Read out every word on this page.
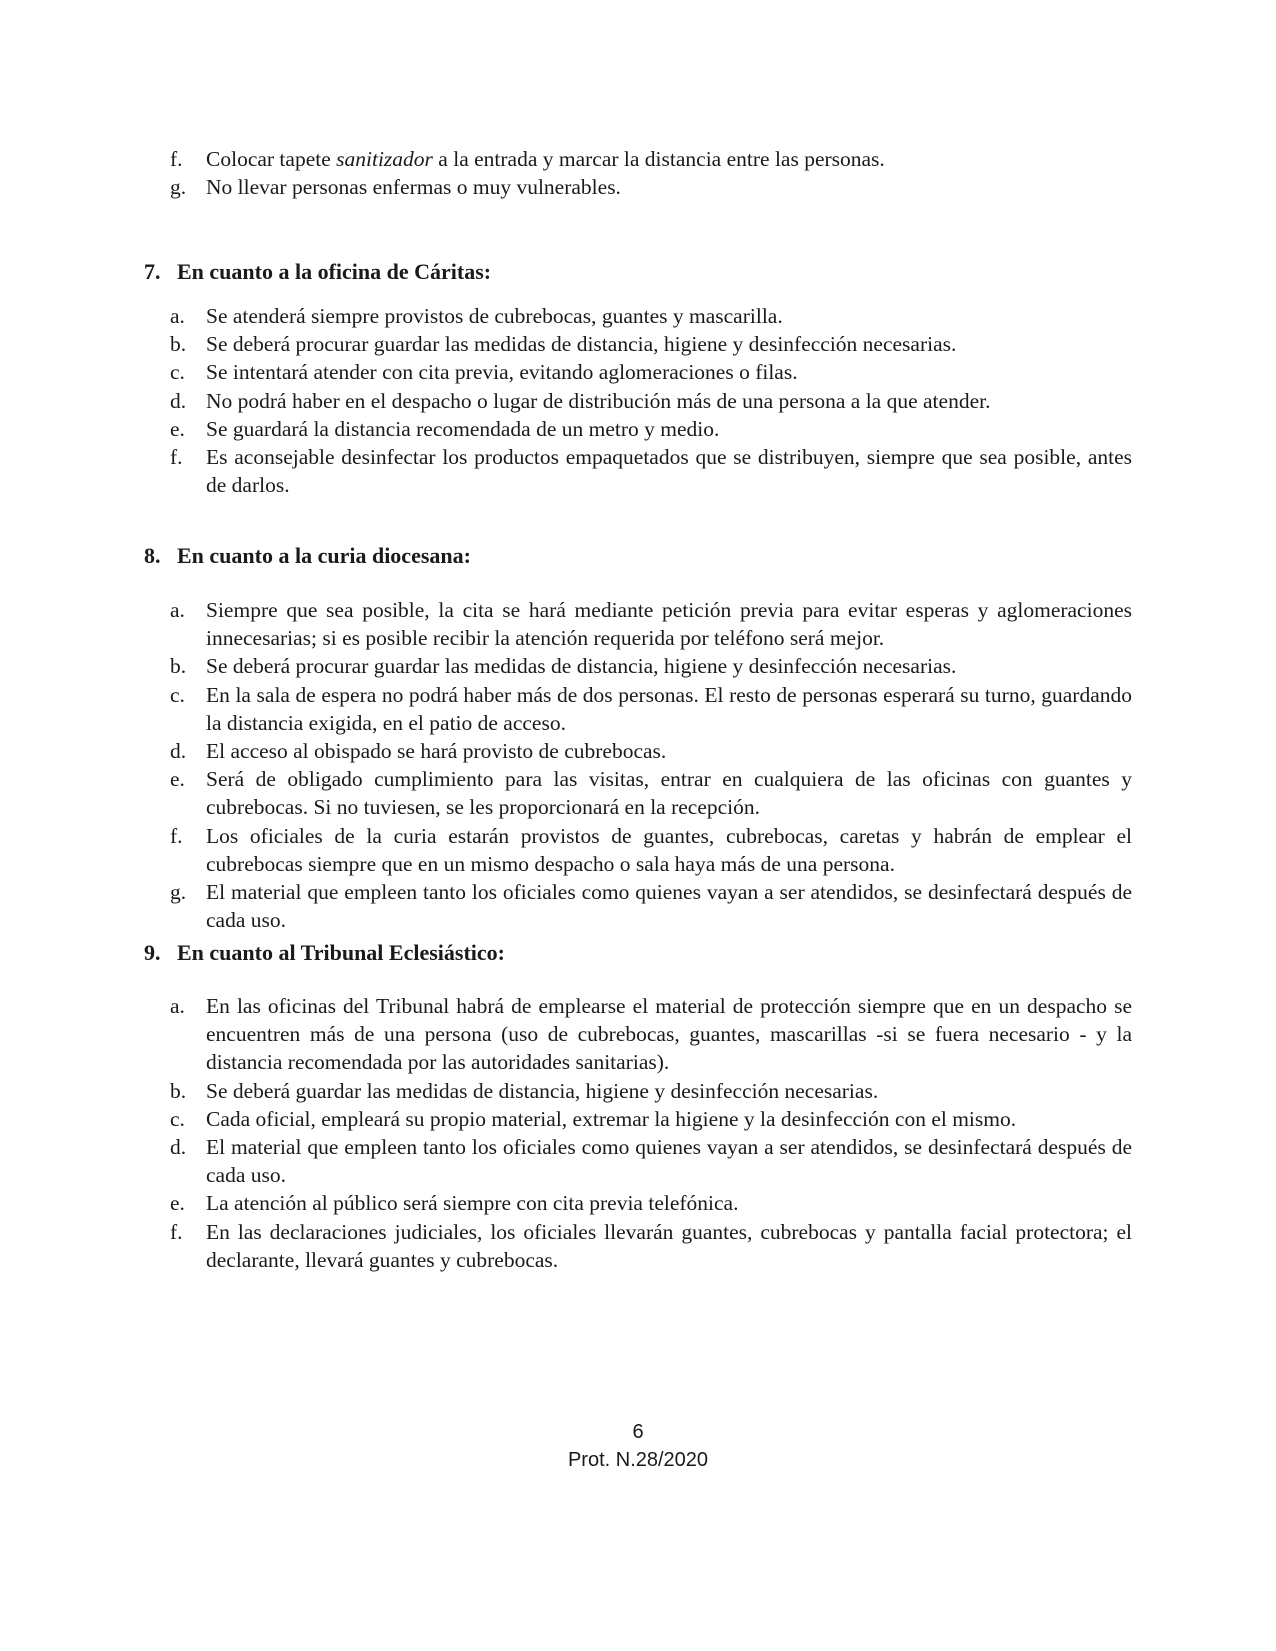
f.	Colocar tapete sanitizador a la entrada y marcar la distancia entre las personas.
g. No llevar personas enfermas o muy vulnerables.
7. En cuanto a la oficina de Cáritas:
a. Se atenderá siempre provistos de cubrebocas, guantes y mascarilla.
b. Se deberá procurar guardar las medidas de distancia, higiene y desinfección necesarias.
c. Se intentará atender con cita previa, evitando aglomeraciones o filas.
d. No podrá haber en el despacho o lugar de distribución más de una persona a la que atender.
e. Se guardará la distancia recomendada de un metro y medio.
f.	Es aconsejable desinfectar los productos empaquetados que se distribuyen, siempre que sea posible, antes de darlos.
8. En cuanto a la curia diocesana:
a. Siempre que sea posible, la cita se hará mediante petición previa para evitar esperas y aglomeraciones innecesarias; si es posible recibir la atención requerida por teléfono será mejor.
b. Se deberá procurar guardar las medidas de distancia, higiene y desinfección necesarias.
c. En la sala de espera no podrá haber más de dos personas. El resto de personas esperará su turno, guardando la distancia exigida, en el patio de acceso.
d. El acceso al obispado se hará provisto de cubrebocas.
e. Será de obligado cumplimiento para las visitas, entrar en cualquiera de las oficinas con guantes y cubrebocas. Si no tuviesen, se les proporcionará en la recepción.
f.	Los oficiales de la curia estarán provistos de guantes, cubrebocas, caretas y habrán de emplear el cubrebocas siempre que en un mismo despacho o sala haya más de una persona.
g. El material que empleen tanto los oficiales como quienes vayan a ser atendidos, se desinfectará después de cada uso.
9. En cuanto al Tribunal Eclesiástico:
a. En las oficinas del Tribunal habrá de emplearse el material de protección siempre que en un despacho se encuentren más de una persona (uso de cubrebocas, guantes, mascarillas -si se fuera necesario - y la distancia recomendada por las autoridades sanitarias).
b. Se deberá guardar las medidas de distancia, higiene y desinfección necesarias.
c. Cada oficial, empleará su propio material, extremar la higiene y la desinfección con el mismo.
d. El material que empleen tanto los oficiales como quienes vayan a ser atendidos, se desinfectará después de cada uso.
e. La atención al público será siempre con cita previa telefónica.
f.	En las declaraciones judiciales, los oficiales llevarán guantes, cubrebocas y pantalla facial protectora; el declarante, llevará guantes y cubrebocas.
6
Prot. N.28/2020
